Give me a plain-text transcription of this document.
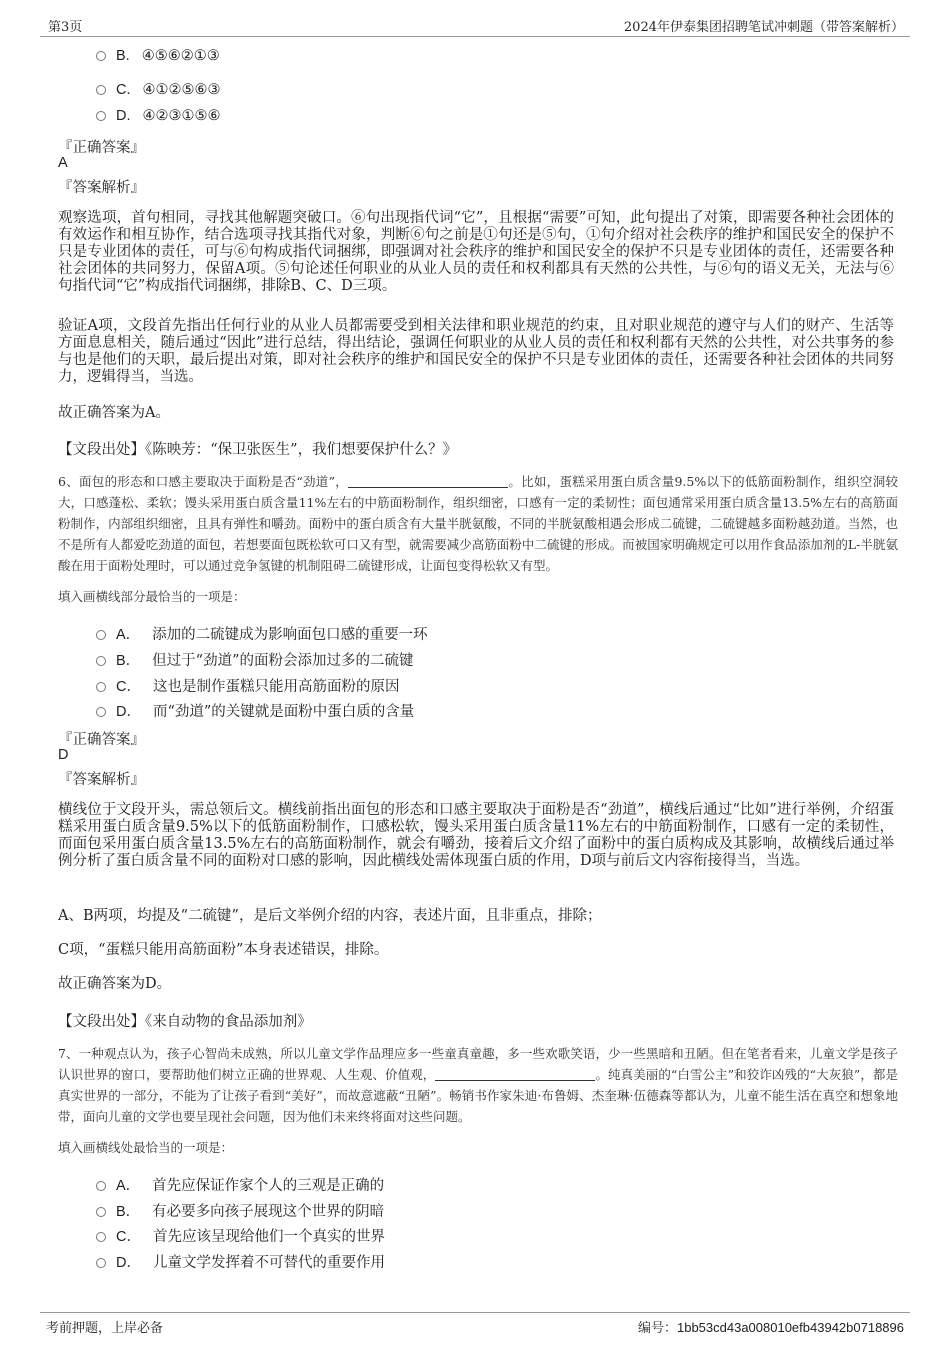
第3页	2024年伊泰集团招聘笔试冲刺题（带答案解析）
B. ④⑤⑥②①③
C. ④①②⑤⑥③
D. ④②③①⑤⑥
『正确答案』
A
『答案解析』
观察选项，首句相同，寻找其他解题突破口。⑥句出现指代词“它”，且根据“需要”可知，此句提出了对策，即需要各种社会团体的有效运作和相互协作，结合选项寻找其指代对象，判断⑥句之前是①句还是⑤句，①句介绍对社会秩序的维护和国民安全的保护不只是专业团体的责任，可与⑥句构成指代词捆绑，即强调对社会秩序的维护和国民安全的保护不只是专业团体的责任，还需要各种社会团体的共同努力，保留A项。⑤句论述任何职业的从业人员的责任和权利都具有天然的公共性，与⑥句的语义无关，无法与⑥句指代词“它”构成指代词捆绑，排除B、C、D三项。
验证A项，文段首先指出任何行业的从业人员都需要受到相关法律和职业规范的约束，且对职业规范的遵守与人们的财产、生活等方面息息相关，随后通过“因此”进行总结，得出结论，强调任何职业的从业人员的责任和权利都有天然的公共性，对公共事务的参与也是他们的天职，最后提出对策，即对社会秩序的维护和国民安全的保护不只是专业团体的责任，还需要各种社会团体的共同努力，逻辑得当，当选。
故正确答案为A。
【文段出处】《陈映芳：“保卫张医生”，我们想要保护什么？》
6、面包的形态和口感主要取决于面粉是否“劲道”，	。比如，蛋糕采用蛋白质含量9.5%以下的低筋面粉制作，组织空洞较大，口感蓬松、柔软；馒头采用蛋白质含量11%左右的中筋面粉制作，组织细密，口感有一定的柔韧性；面包通常采用蛋白质含量13.5%左右的高筋面粉制作，内部组织细密，且具有弹性和嚼劲。面粉中的蛋白质含有大量半胱氨酸，不同的半胱氨酸相遇会形成二硫键，二硫键越多面粉越劲道。当然，也不是所有人都爱吃劲道的面包，若想要面包既松软可口又有型，就需要减少高筋面粉中二硫键的形成。而被国家明确规定可以用作食品添加剂的L-半胱氨酸在用于面粉处理时，可以通过竞争氢键的机制阻碍二硫键形成，让面包变得松软又有型。
填入画横线部分最恰当的一项是：
A． 添加的二硫键成为影响面包口感的重要一环
B． 但过于“劲道”的面粉会添加过多的二硫键
C． 这也是制作蛋糕只能用高筋面粉的原因
D． 而“劲道”的关键就是面粉中蛋白质的含量
『正确答案』
D
『答案解析』
横线位于文段开头，需总领后文。横线前指出面包的形态和口感主要取决于面粉是否“劲道”，横线后通过“比如”进行举例，介绍蛋糕采用蛋白质含量9.5%以下的低筋面粉制作，口感松软，馒头采用蛋白质含量11%左右的中筋面粉制作，口感有一定的柔韧性，而面包采用蛋白质含量13.5%左右的高筋面粉制作，就会有嚼劲，接着后文介绍了面粉中的蛋白质构成及其影响，故横线后通过举例分析了蛋白质含量不同的面粉对口感的影响，因此横线处需体现蛋白质的作用，D项与前后文内容衔接得当，当选。
A、B两项，均提及“二硫键”，是后文举例介绍的内容，表述片面，且非重点，排除；
C项，“蛋糕只能用高筋面粉”本身表述错误，排除。
故正确答案为D。
【文段出处】《来自动物的食品添加剂》
7、一种观点认为，孩子心智尚未成熟，所以儿童文学作品理应多一些童真童趣，多一些欢歌笑语，少一些黑暗和丑陋。但在笔者看来，儿童文学是孩子认识世界的窗口，要帮助他们树立正确的世界观、人生观、价值观，	。纯真美丽的“白雪公主”和狡诈凶残的“大灰狼”，都是真实世界的一部分，不能为了让孩子看到“美好”，而故意遮蔽“丑陋”。畅销书作家朱迪·布鲁姆、杰奎琳·伍德森等都认为，儿童不能生活在真空和想象地带，面向儿童的文学也要呈现社会问题，因为他们未来终将面对这些问题。
填入画横线处最恰当的一项是：
A． 首先应保证作家个人的三观是正确的
B． 有必要多向孩子展现这个世界的阴暗
C． 首先应该呈现给他们一个真实的世界
D． 儿童文学发挥着不可替代的重要作用
考前押题，上岸必备	编号：1bb53cd43a008010efb43942b0718896
